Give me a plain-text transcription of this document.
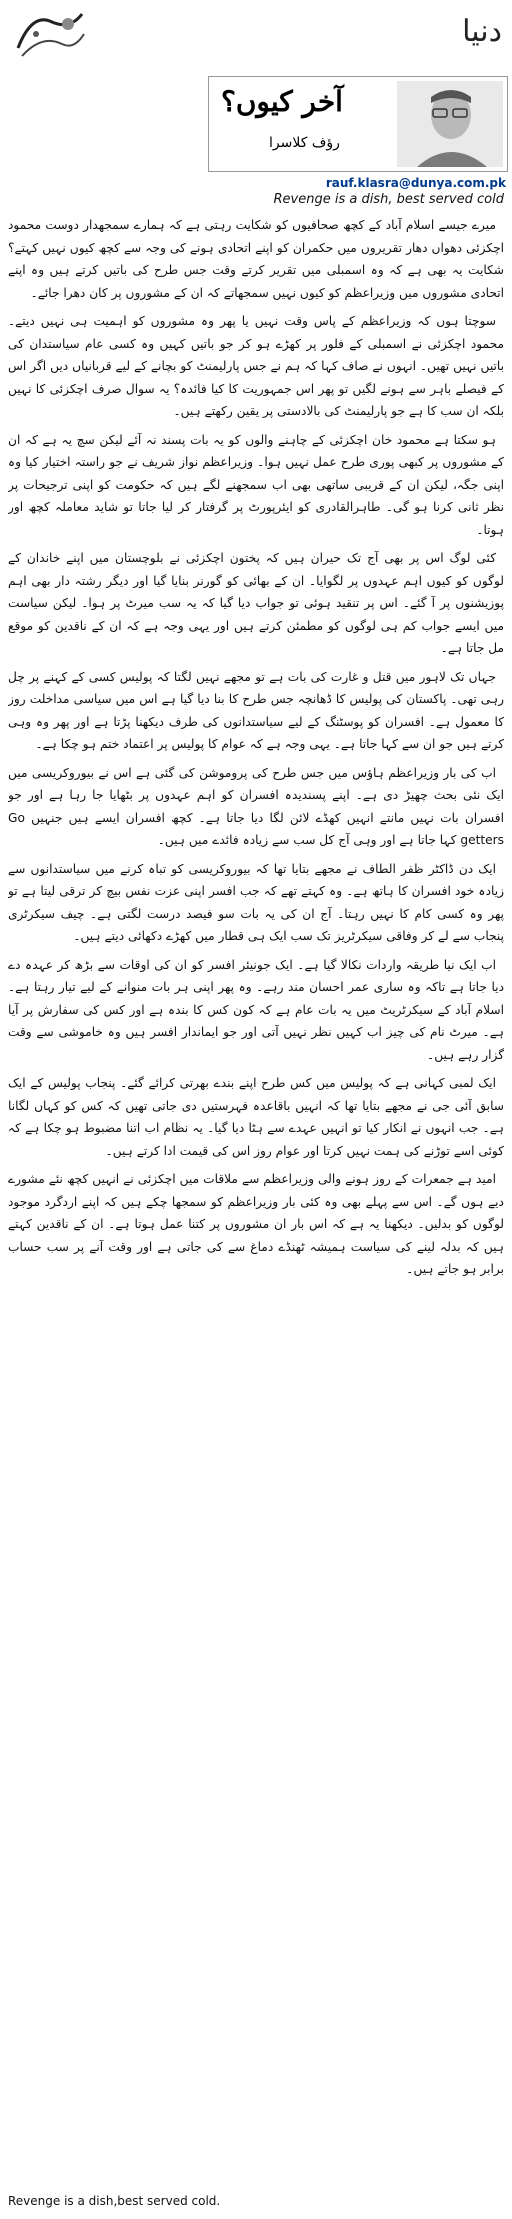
دنیا
آخر کیوں؟
رؤف کلاسرا
rauf.klasra@dunya.com.pk
Revenge is a dish, best served cold

میرے جیسے اسلام آباد کے کچھ صحافیوں کو شکایت رہتی ہے کہ ہمارے سمجھدار دوست محمود اچکزئی دھواں دھار تقریروں میں حکمران کو اپنے اتحادی ہونے کی وجہ سے کچھ کیوں نہیں کہتے؟ شکایت یہ بھی ہے کہ وہ اسمبلی میں تقریر کرتے وقت جس طرح کی باتیں کرتے ہیں وہ اپنے اتحادی مشوروں میں وزیراعظم کو کیوں نہیں سمجھاتے کہ ان کے مشوروں پر کان دھرا جائے۔

سوچتا ہوں کہ وزیراعظم کے پاس وقت نہیں یا پھر وہ مشوروں کو اہمیت ہی نہیں دیتے۔ محمود اچکزئی نے اسمبلی کے فلور پر کھڑے ہو کر جو باتیں کہیں وہ کسی عام سیاستدان کی باتیں نہیں تھیں۔ انہوں نے صاف کہا کہ ہم نے جس پارلیمنٹ کو بچانے کے لیے قربانیاں دیں اگر اس کے فیصلے باہر سے ہونے لگیں تو پھر اس جمہوریت کا کیا فائدہ؟ یہ سوال صرف اچکزئی کا نہیں بلکہ ان سب کا ہے جو پارلیمنٹ کی بالادستی پر یقین رکھتے ہیں۔

ہو سکتا ہے محمود خان اچکزئی کے چاہنے والوں کو یہ بات پسند نہ آئے لیکن سچ یہ ہے کہ ان کے مشوروں پر کبھی پوری طرح عمل نہیں ہوا۔ وزیراعظم نواز شریف نے جو راستہ اختیار کیا وہ اپنی جگہ، لیکن ان کے قریبی ساتھی بھی اب سمجھنے لگے ہیں کہ حکومت کو اپنی ترجیحات پر نظر ثانی کرنا ہو گی۔ طاہرالقادری کو ایئرپورٹ پر گرفتار کر لیا جاتا تو شاید معاملہ کچھ اور ہوتا۔

کئی لوگ اس پر بھی آج تک حیران ہیں کہ پختون اچکزئی نے بلوچستان میں اپنے خاندان کے لوگوں کو کیوں اہم عہدوں پر لگوایا۔ ان کے بھائی کو گورنر بنایا گیا اور دیگر رشتہ دار بھی اہم پوزیشنوں پر آ گئے۔ اس پر تنقید ہوئی تو جواب دیا گیا کہ یہ سب میرٹ پر ہوا۔ لیکن سیاست میں ایسے جواب کم ہی لوگوں کو مطمئن کرتے ہیں اور یہی وجہ ہے کہ ان کے ناقدین کو موقع مل جاتا ہے۔

جہاں تک لاہور میں قتل و غارت کی بات ہے تو مجھے نہیں لگتا کہ پولیس کسی کے کہنے پر چل رہی تھی۔ پاکستان کی پولیس کا ڈھانچہ جس طرح کا بنا دیا گیا ہے اس میں سیاسی مداخلت روز کا معمول ہے۔ افسران کو پوسٹنگ کے لیے سیاستدانوں کی طرف دیکھنا پڑتا ہے اور پھر وہ وہی کرتے ہیں جو ان سے کہا جاتا ہے۔ یہی وجہ ہے کہ عوام کا پولیس پر اعتماد ختم ہو چکا ہے۔

اب کی بار وزیراعظم ہاؤس میں جس طرح کی پروموشن کی گئی ہے اس نے بیوروکریسی میں ایک نئی بحث چھیڑ دی ہے۔ اپنے پسندیدہ افسران کو اہم عہدوں پر بٹھایا جا رہا ہے اور جو افسران بات نہیں مانتے انہیں کھڈے لائن لگا دیا جاتا ہے۔ کچھ افسران ایسے ہیں جنہیں Go getters کہا جاتا ہے اور وہی آج کل سب سے زیادہ فائدے میں ہیں۔

ایک دن ڈاکٹر ظفر الطاف نے مجھے بتایا تھا کہ بیوروکریسی کو تباہ کرنے میں سیاستدانوں سے زیادہ خود افسران کا ہاتھ ہے۔ وہ کہتے تھے کہ جب افسر اپنی عزت نفس بیچ کر ترقی لیتا ہے تو پھر وہ کسی کام کا نہیں رہتا۔ آج ان کی یہ بات سو فیصد درست لگتی ہے۔ چیف سیکرٹری پنجاب سے لے کر وفاقی سیکرٹریز تک سب ایک ہی قطار میں کھڑے دکھائی دیتے ہیں۔

اب ایک نیا طریقہ واردات نکالا گیا ہے۔ ایک جونیئر افسر کو ان کی اوقات سے بڑھ کر عہدہ دے دیا جاتا ہے تاکہ وہ ساری عمر احسان مند رہے۔ وہ پھر اپنی ہر بات منوانے کے لیے تیار رہتا ہے۔ اسلام آباد کے سیکرٹریٹ میں یہ بات عام ہے کہ کون کس کا بندہ ہے اور کس کی سفارش پر آیا ہے۔ میرٹ نام کی چیز اب کہیں نظر نہیں آتی اور جو ایماندار افسر ہیں وہ خاموشی سے وقت گزار رہے ہیں۔

ایک لمبی کہانی ہے کہ پولیس میں کس طرح اپنے بندے بھرتی کرائے گئے۔ پنجاب پولیس کے ایک سابق آئی جی نے مجھے بتایا تھا کہ انہیں باقاعدہ فہرستیں دی جاتی تھیں کہ کس کو کہاں لگانا ہے۔ جب انہوں نے انکار کیا تو انہیں عہدے سے ہٹا دیا گیا۔ یہ نظام اب اتنا مضبوط ہو چکا ہے کہ کوئی اسے توڑنے کی ہمت نہیں کرتا اور عوام روز اس کی قیمت ادا کرتے ہیں۔

امید ہے جمعرات کے روز ہونے والی وزیراعظم سے ملاقات میں اچکزئی نے انہیں کچھ نئے مشورے دیے ہوں گے۔ اس سے پہلے بھی وہ کئی بار وزیراعظم کو سمجھا چکے ہیں کہ اپنے اردگرد موجود لوگوں کو بدلیں۔ دیکھنا یہ ہے کہ اس بار ان مشوروں پر کتنا عمل ہوتا ہے۔ ان کے ناقدین کہتے ہیں کہ بدلہ لینے کی سیاست ہمیشہ ٹھنڈے دماغ سے کی جاتی ہے اور وقت آنے پر سب حساب برابر ہو جاتے ہیں۔

Revenge is a dish,best served cold.
